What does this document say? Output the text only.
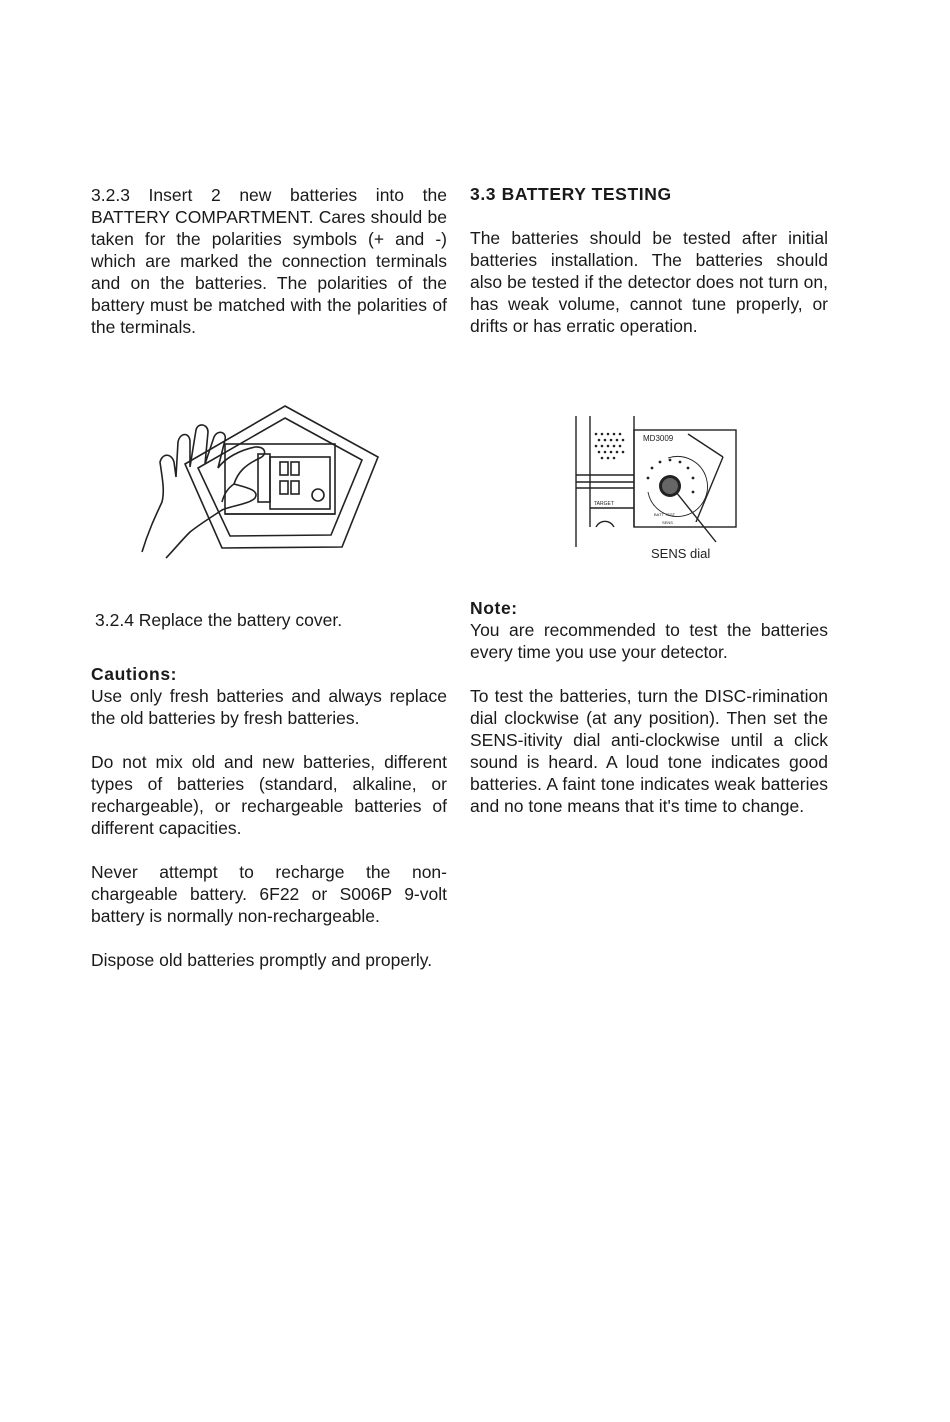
3.2.3 Insert 2 new batteries into the BATTERY COMPARTMENT. Cares should be taken for the polarities symbols (+ and -) which are marked the connection terminals and on the batteries. The polarities of the battery must be matched with the polarities of the terminals.

3.2.4 Replace the battery cover.

Cautions:

Use only fresh batteries and always replace the old batteries by fresh batteries.

Do not mix old and new batteries, different types of batteries (standard, alkaline, or rechargeable), or rechargeable batteries of different capacities.

Never attempt to recharge the non-chargeable battery. 6F22 or S006P 9-volt battery is normally non-rechargeable.

Dispose old batteries promptly and properly.

3.3 BATTERY TESTING

The batteries should be tested after initial batteries installation. The batteries should also be tested if the detector does not turn on, has weak volume, cannot tune properly, or drifts or has erratic operation.

MD3009
TARGET
BATT TEST
SENS
SENS dial

Note:

You are recommended to test the batteries every time you use your detector.

To test the batteries, turn the DISC-rimination dial clockwise (at any position). Then set the SENS-itivity dial anti-clockwise until a click sound is heard. A loud tone indicates good batteries. A faint tone indicates weak batteries and no tone means that it's time to change.
